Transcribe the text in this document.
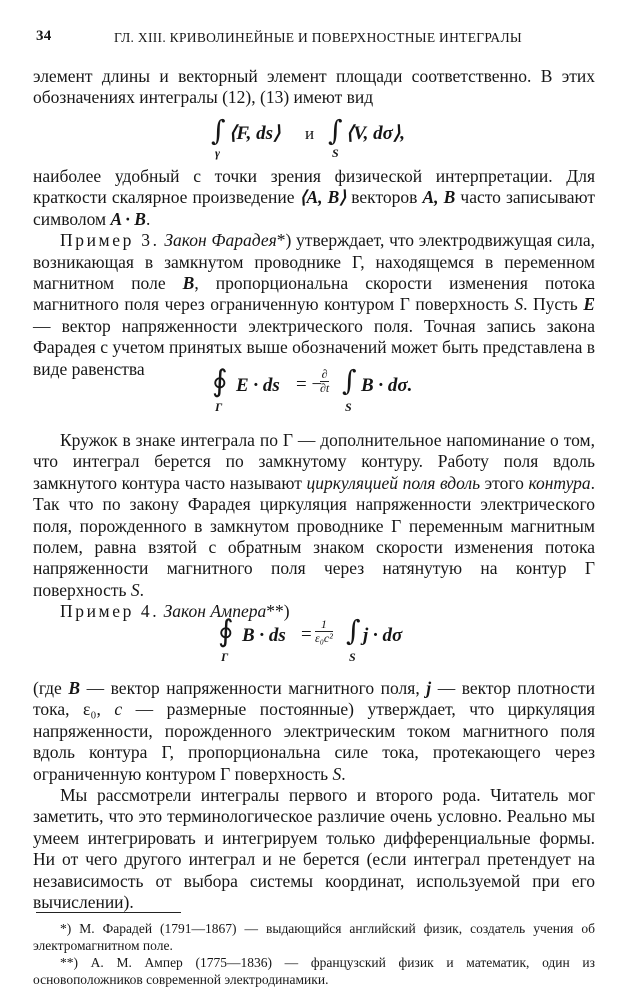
34	ГЛ. XIII. КРИВОЛИНЕЙНЫЕ И ПОВЕРХНОСТНЫЕ ИНТЕГРАЛЫ

элемент длины и векторный элемент площади соответственно. В этих обозначениях интегралы (12), (13) имеют вид

∫
γ
⟨F, ds⟩ и ∫
S
⟨V, dσ⟩,

наиболее удобный с точки зрения физической интерпретации. Для краткости скалярное произведение ⟨A, B⟩ векторов A, B часто записывают символом A · B.

Пример 3. Закон Фарадея*) утверждает, что электродвижущая сила, возникающая в замкнутом проводнике Г, находящемся в переменном магнитном поле B, пропорциональна скорости изменения потока магнитного поля через ограниченную контуром Г поверхность S. Пусть E — вектор напряженности электрического поля. Точная запись закона Фарадея с учетом принятых выше обозначений может быть представлена в виде равенства	∮
Г
E · ds = − ∂
∂t ∫
S
B · dσ.

Кружок в знаке интеграла по Г — дополнительное напоминание о том, что интеграл берется по замкнутому контуру. Работу поля вдоль замкнутого контура часто называют циркуляцией поля вдоль этого контура. Так что по закону Фарадея циркуляция напряженности электрического поля, порожденного в замкнутом проводнике Г переменным магнитным полем, равна взятой с обратным знаком скорости изменения потока напряженности магнитного поля через натянутую на контур Г поверхность S.

Пример 4. Закон Ампера**)

∮
Г
B · ds = $\frac{1}{\text{ε₀c²}}$ ∫
S
j · dσ

(где B — вектор напряженности магнитного поля, j — вектор плотности тока, ε₀, c — размерные постоянные) утверждает, что циркуляция напряженности, порожденного электрическим током магнитного поля вдоль контура Г, пропорциональна силе тока, протекающего через ограниченную контуром Г поверхность S.

Мы рассмотрели интегралы первого и второго рода. Читатель мог заметить, что это терминологическое различие очень условно. Реально мы умеем интегрировать и интегрируем только дифференциальные формы. Ни от чего другого интеграл и не берется (если интеграл претендует на независимость от выбора системы координат, используемой при его вычислении).

*) М. Фарадей (1791—1867) — выдающийся английский физик, создатель учения об электромагнитном поле.

**) А. М. Ампер (1775—1836) — французский физик и математик, один из основоположников современной электродинамики.
